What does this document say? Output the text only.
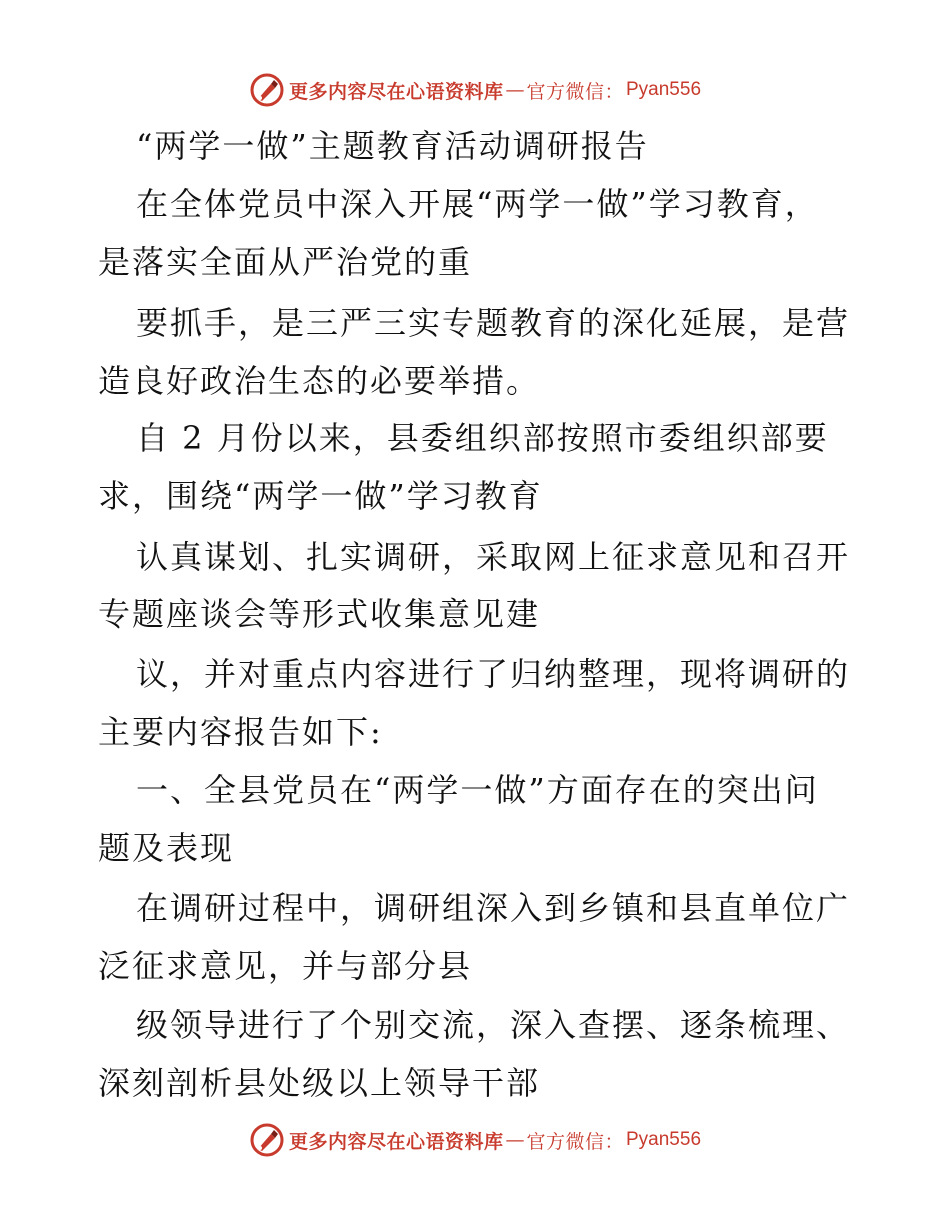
更多内容尽在心语资料库 — 官方微信： Pyan556
“两学一做”主题教育活动调研报告
在全体党员中深入开展“两学一做”学习教育，
是落实全面从严治党的重
要抓手，是三严三实专题教育的深化延展，是营
造良好政治生态的必要举措。
自 2 月份以来，县委组织部按照市委组织部要
求，围绕“两学一做”学习教育
认真谋划、扎实调研，采取网上征求意见和召开
专题座谈会等形式收集意见建
议，并对重点内容进行了归纳整理，现将调研的
主要内容报告如下:
一、全县党员在“两学一做”方面存在的突出问
题及表现
在调研过程中，调研组深入到乡镇和县直单位广
泛征求意见，并与部分县
级领导进行了个别交流，深入查摆、逐条梳理、
深刻剖析县处级以上领导干部
更多内容尽在心语资料库 — 官方微信： Pyan556
